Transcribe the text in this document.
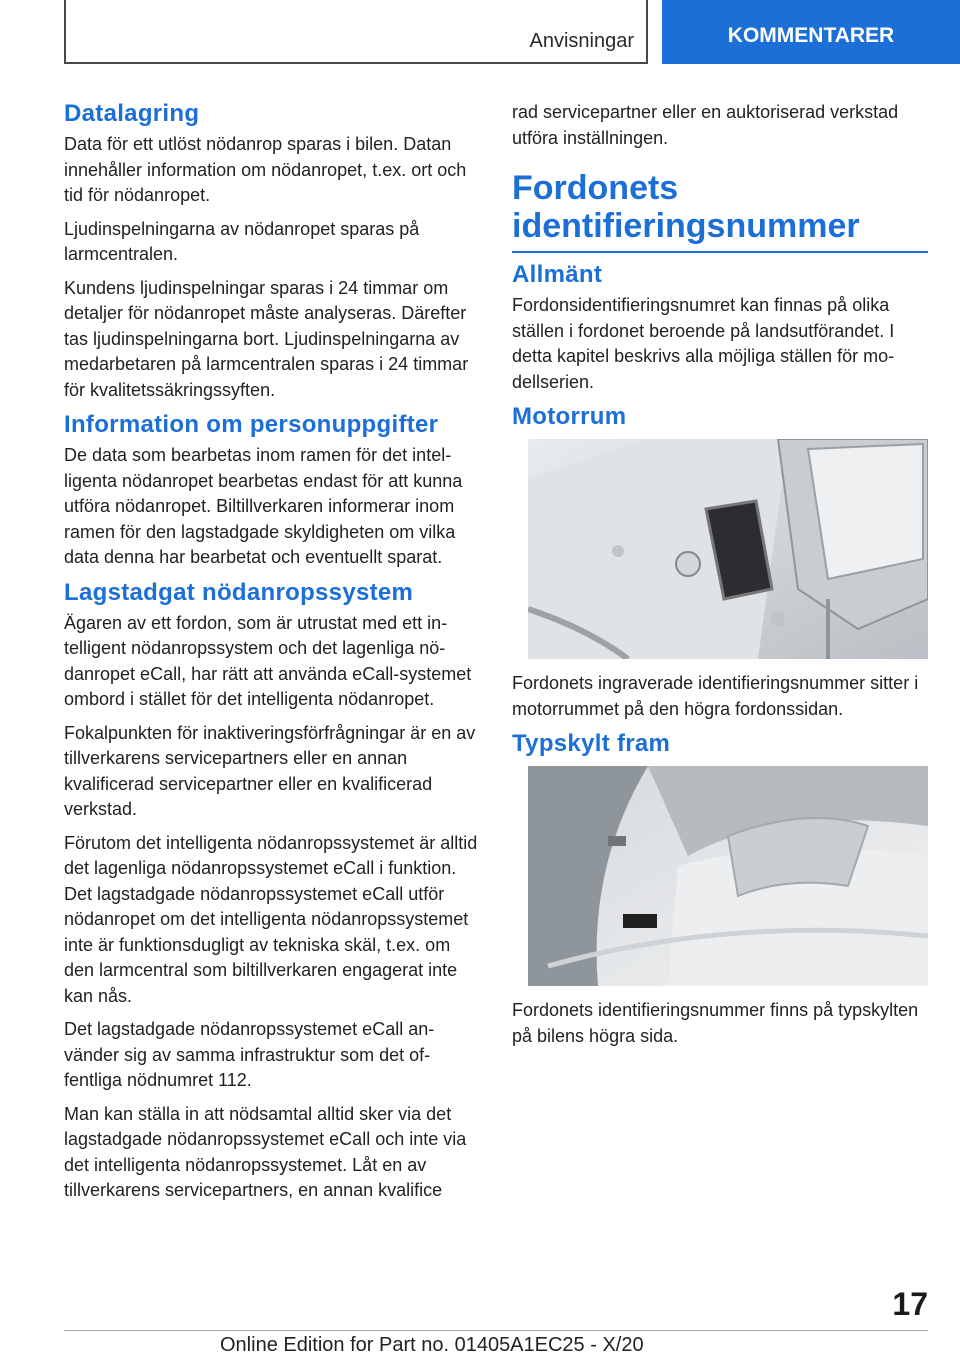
Anvisningar	KOMMENTARER
Datalagring

Data för ett utlöst nödanrop sparas i bilen. Datan innehåller information om nödanropet, t.ex. ort och tid för nödanropet.

Ljudinspelningarna av nödanropet sparas på larmcentralen.

Kundens ljudinspelningar sparas i 24 timmar om detaljer för nödanropet måste analyseras. Därefter tas ljudinspelningarna bort. Ljudinspelningarna av medarbetaren på larmcentralen sparas i 24 timmar för kvalitetssäkringssyften.

Information om personuppgifter

De data som bearbetas inom ramen för det intelligenta nödanropet bearbetas endast för att kunna utföra nödanropet. Biltillverkaren informerar inom ramen för den lagstadgade skyldigheten om vilka data denna har bearbetat och eventuellt sparat.

Lagstadgat nödanropssystem

Ägaren av ett fordon, som är utrustat med ett intelligent nödanropssystem och det lagenliga nödanropet eCall, har rätt att använda eCall-systemet ombord i stället för det intelligenta nödanropet.

Fokalpunkten för inaktiveringsförfrågningar är en av tillverkarens servicepartners eller en annan kvalificerad servicepartner eller en kvalificerad verkstad.

Förutom det intelligenta nödanropssystemet är alltid det lagenliga nödanropssystemet eCall i funktion. Det lagstadgade nödanropssystemet eCall utför nödanropet om det intelligenta nödanropssystemet inte är funktionsdugligt av tekniska skäl, t.ex. om den larmcentral som biltillverkaren engagerat inte kan nås.

Det lagstadgade nödanropssystemet eCall använder sig av samma infrastruktur som det offentliga nödnumret 112.

Man kan ställa in att nödsamtal alltid sker via det lagstadgade nödanropssystemet eCall och inte via det intelligenta nödanropssystemet. Låt en av tillverkarens servicepartners, en annan kvalifice

rad servicepartner eller en auktoriserad verkstad utföra inställningen.

Fordonets identifieringsnummer
Allmänt

Fordonsidentifieringsnumret kan finnas på olika ställen i fordonet beroende på landsutförandet. I detta kapitel beskrivs alla möjliga ställen för modellserien.

Motorrum

Fordonets ingraverade identifieringsnummer sitter i motorrummet på den högra fordonssidan.

Typskylt fram

Fordonets identifieringsnummer finns på typskylten på bilens högra sida.

17
Online Edition for Part no. 01405A1EC25 - X/20
